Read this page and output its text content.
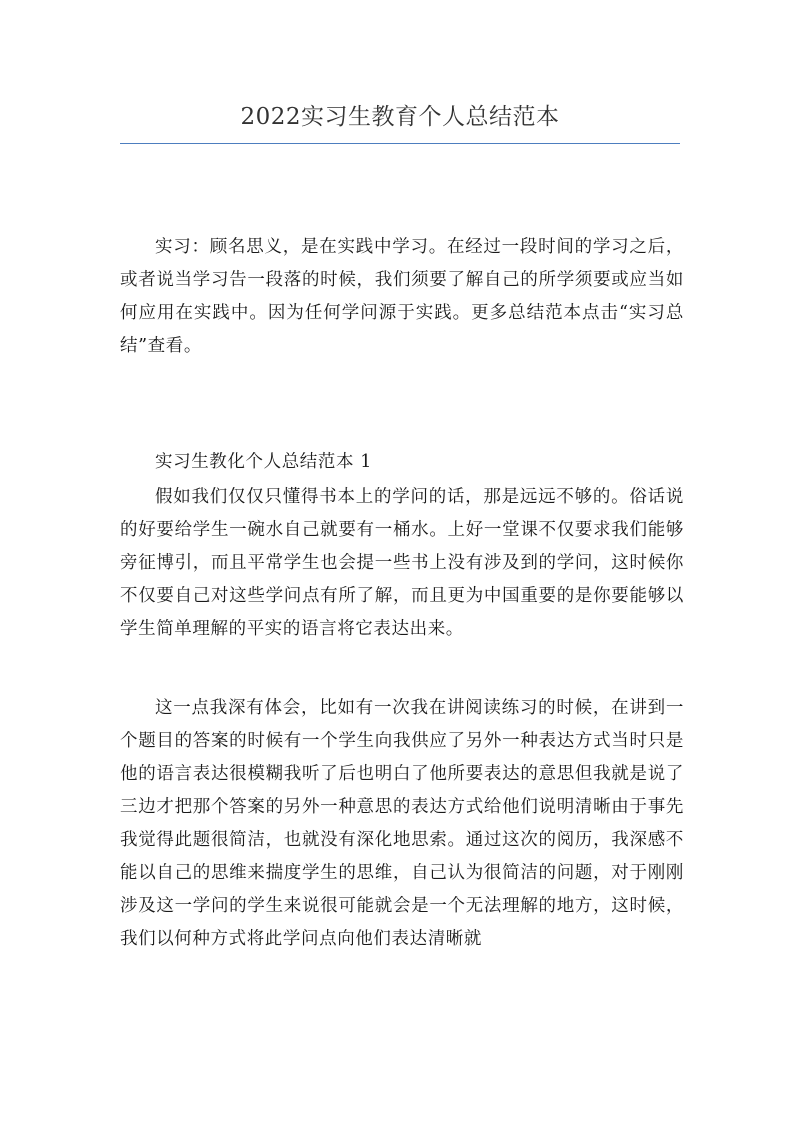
2022实习生教育个人总结范本

实习：顾名思义，是在实践中学习。在经过一段时间的学习之后，或者说当学习告一段落的时候，我们须要了解自己的所学须要或应当如何应用在实践中。因为任何学问源于实践。更多总结范本点击“实习总结”查看。

实习生教化个人总结范本 1

假如我们仅仅只懂得书本上的学问的话，那是远远不够的。俗话说的好要给学生一碗水自己就要有一桶水。上好一堂课不仅要求我们能够旁征博引，而且平常学生也会提一些书上没有涉及到的学问，这时候你不仅要自己对这些学问点有所了解，而且更为中国重要的是你要能够以学生简单理解的平实的语言将它表达出来。

这一点我深有体会，比如有一次我在讲阅读练习的时候，在讲到一个题目的答案的时候有一个学生向我供应了另外一种表达方式当时只是他的语言表达很模糊我听了后也明白了他所要表达的意思但我就是说了三边才把那个答案的另外一种意思的表达方式给他们说明清晰由于事先我觉得此题很简洁，也就没有深化地思索。通过这次的阅历，我深感不能以自己的思维来揣度学生的思维，自己认为很简洁的问题，对于刚刚涉及这一学问的学生来说很可能就会是一个无法理解的地方，这时候，我们以何种方式将此学问点向他们表达清晰就
